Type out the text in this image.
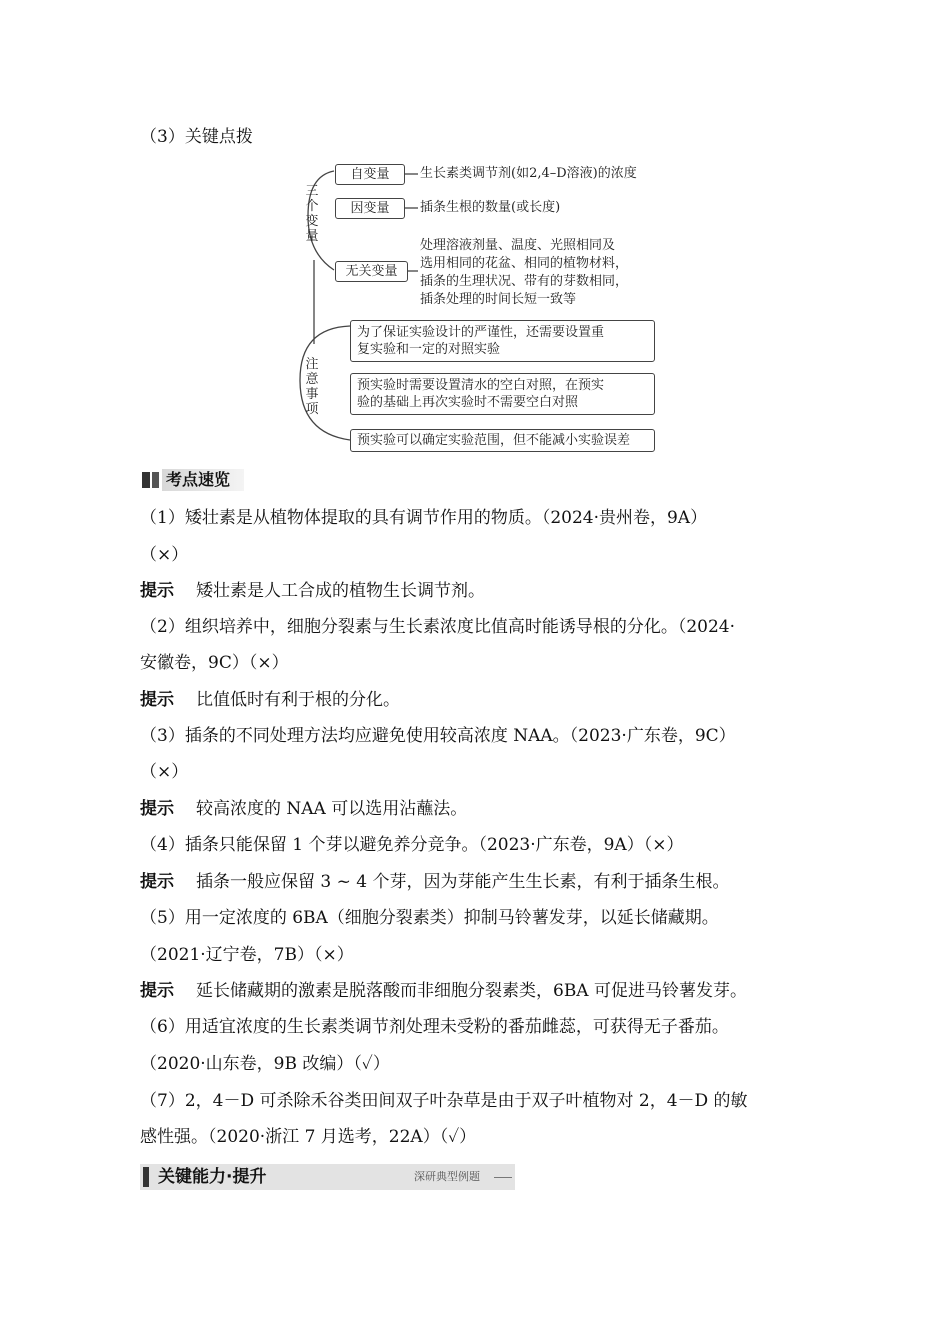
（3）关键点拨
三
个
变
量
注
意
事
项
自变量	生长素类调节剂(如2,4–D溶液)的浓度
因变量	插条生根的数量(或长度)
无关变量
处理溶液剂量、温度、光照相同及
选用相同的花盆、相同的植物材料，
插条的生理状况、带有的芽数相同，
插条处理的时间长短一致等
为了保证实验设计的严谨性，还需要设置重
复实验和一定的对照实验
预实验时需要设置清水的空白对照，在预实
验的基础上再次实验时不需要空白对照
预实验可以确定实验范围，但不能减小实验误差
考点速览
（1）矮壮素是从植物体提取的具有调节作用的物质。（2024·贵州卷，9A）
（×）
提示 矮壮素是人工合成的植物生长调节剂。
（2）组织培养中，细胞分裂素与生长素浓度比值高时能诱导根的分化。（2024·
安徽卷，9C）（×）
提示 比值低时有利于根的分化。
（3）插条的不同处理方法均应避免使用较高浓度 NAA。（2023·广东卷，9C）
（×）
提示 较高浓度的 NAA 可以选用沾蘸法。
（4）插条只能保留 1 个芽以避免养分竞争。（2023·广东卷，9A）（×）
提示 插条一般应保留 3 ~ 4 个芽，因为芽能产生生长素，有利于插条生根。
（5）用一定浓度的 6BA（细胞分裂素类）抑制马铃薯发芽，以延长储藏期。
（2021·辽宁卷，7B）（×）
提示 延长储藏期的激素是脱落酸而非细胞分裂素类，6BA 可促进马铃薯发芽。
（6）用适宜浓度的生长素类调节剂处理未受粉的番茄雌蕊，可获得无子番茄。
（2020·山东卷，9B 改编）（✓）
（7）2，4－D 可杀除禾谷类田间双子叶杂草是由于双子叶植物对 2，4－D 的敏
感性强。（2020·浙江 7 月选考，22A）（✓）
关键能力·提升	深研典型例题
